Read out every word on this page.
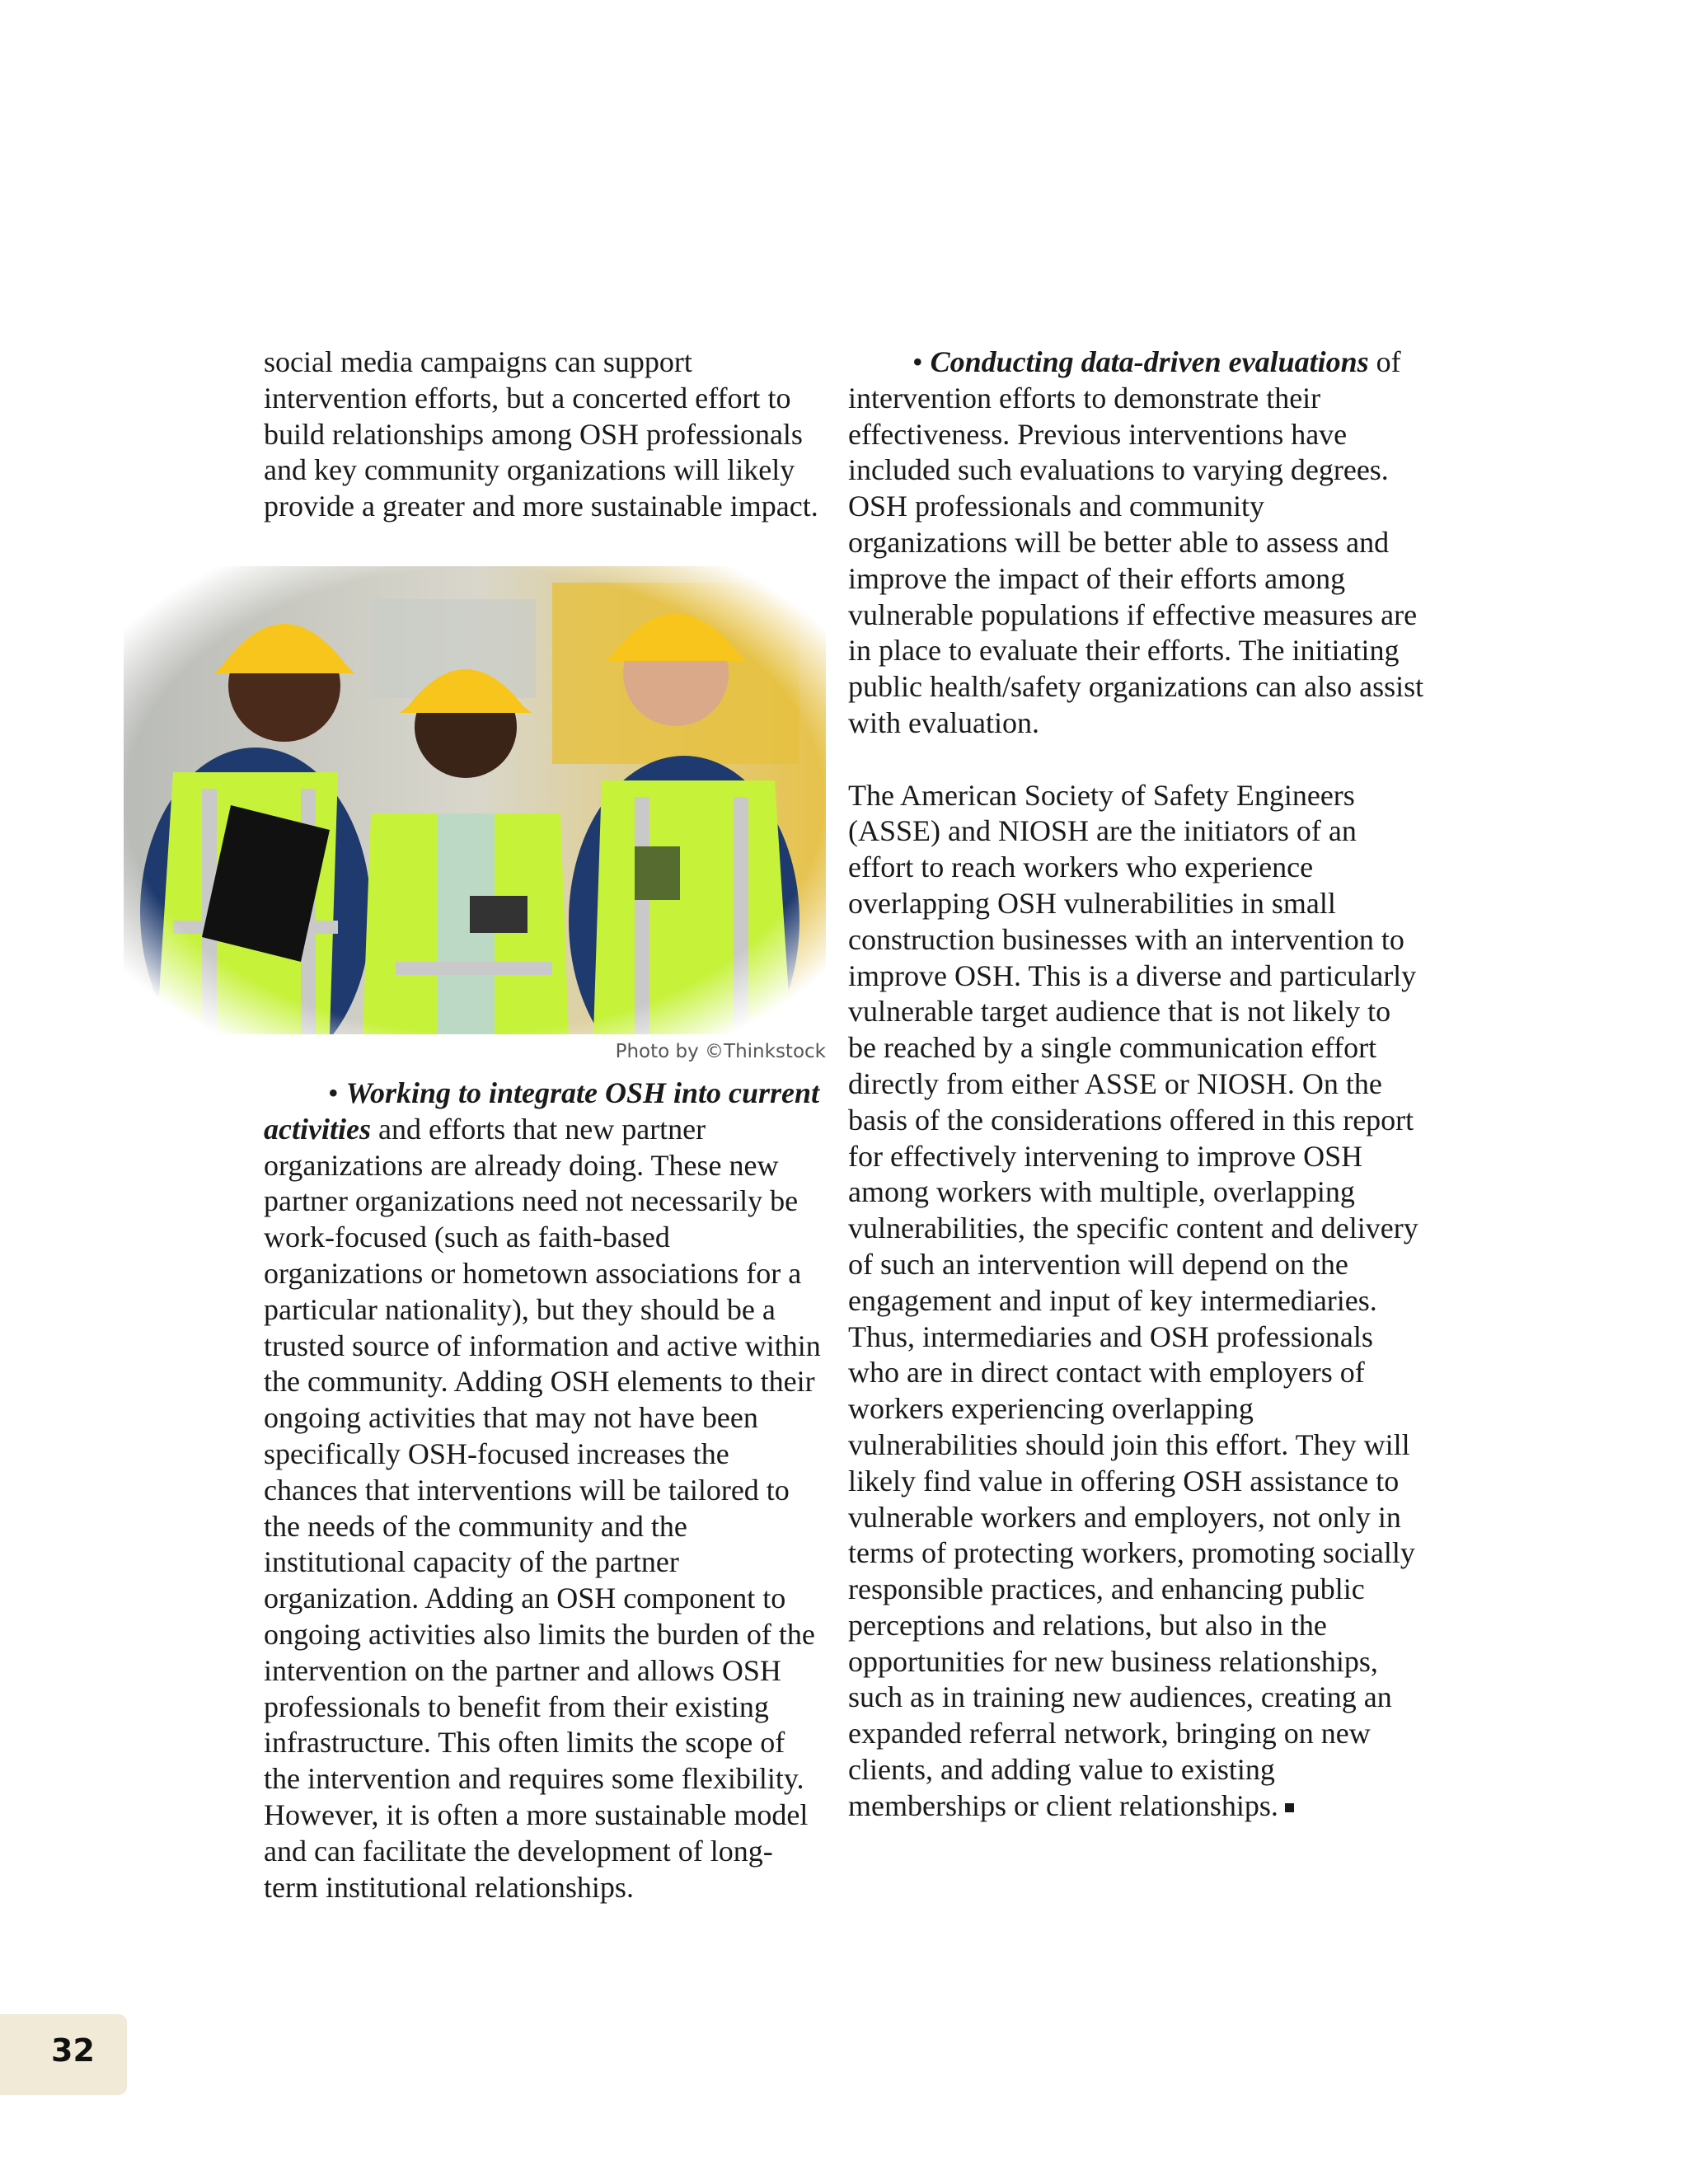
social media campaigns can support intervention efforts, but a concerted effort to build relationships among OSH professionals and key community organizations will likely provide a greater and more sustainable impact.

Photo by ©Thinkstock

• Working to integrate OSH into current activities and efforts that new partner organizations are already doing. These new partner organizations need not necessarily be work-focused (such as faith-based organizations or hometown associations for a particular nationality), but they should be a trusted source of information and active within the community. Adding OSH elements to their ongoing activities that may not have been specifically OSH-focused increases the chances that interventions will be tailored to the needs of the community and the institutional capacity of the partner organization. Adding an OSH component to ongoing activities also limits the burden of the intervention on the partner and allows OSH professionals to benefit from their existing infrastructure. This often limits the scope of the intervention and requires some flexibility. However, it is often a more sustainable model and can facilitate the development of long-term institutional relationships.

• Conducting data-driven evaluations of intervention efforts to demonstrate their effectiveness. Previous interventions have included such evaluations to varying degrees. OSH professionals and community organizations will be better able to assess and improve the impact of their efforts among vulnerable populations if effective measures are in place to evaluate their efforts. The initiating public health/safety organizations can also assist with evaluation.

The American Society of Safety Engineers (ASSE) and NIOSH are the initiators of an effort to reach workers who experience overlapping OSH vulnerabilities in small construction businesses with an intervention to improve OSH. This is a diverse and particularly vulnerable target audience that is not likely to be reached by a single communication effort directly from either ASSE or NIOSH. On the basis of the considerations offered in this report for effectively intervening to improve OSH among workers with multiple, overlapping vulnerabilities, the specific content and delivery of such an intervention will depend on the engagement and input of key intermediaries. Thus, intermediaries and OSH professionals who are in direct contact with employers of workers experiencing overlapping vulnerabilities should join this effort. They will likely find value in offering OSH assistance to vulnerable workers and employers, not only in terms of protecting workers, promoting socially responsible practices, and enhancing public perceptions and relations, but also in the opportunities for new business relationships, such as in training new audiences, creating an expanded referral network, bringing on new clients, and adding value to existing memberships or client relationships.

32
